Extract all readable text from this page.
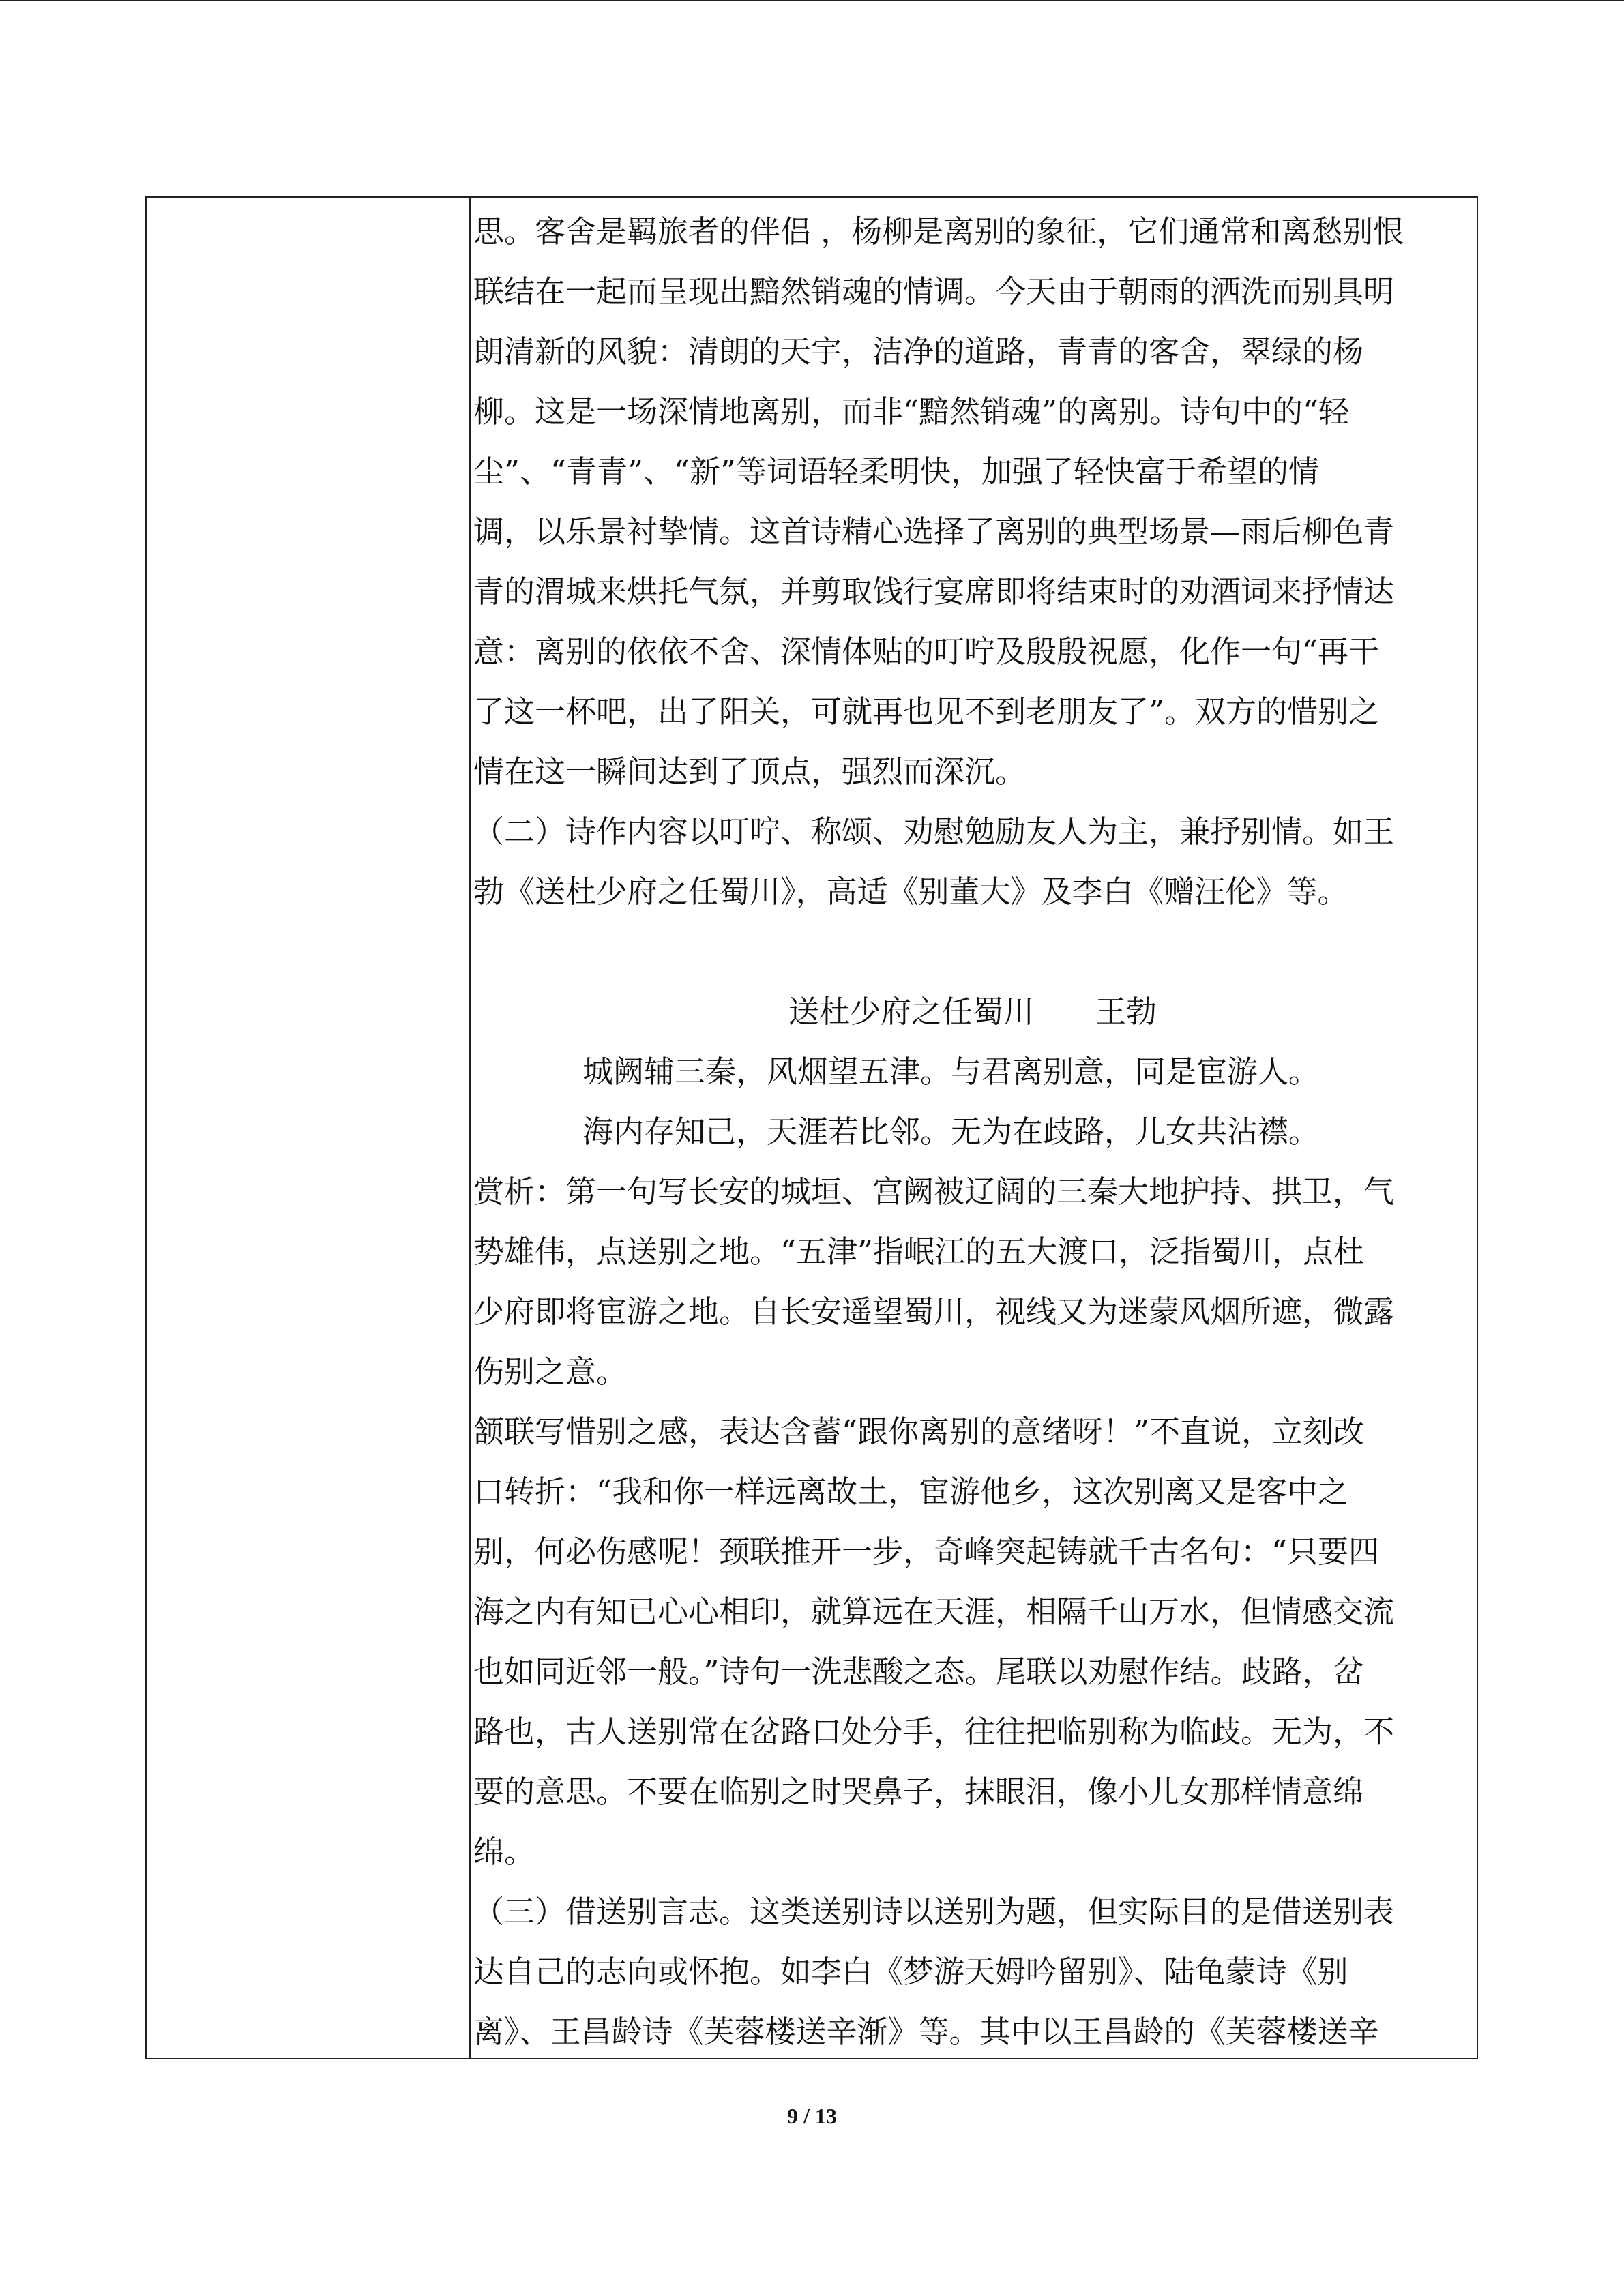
思。客舍是羁旅者的伴侣 ，杨柳是离别的象征，它们通常和离愁别恨
联结在一起而呈现出黯然销魂的情调。今天由于朝雨的洒洗而别具明
朗清新的风貌：清朗的天宇，洁净的道路，青青的客舍，翠绿的杨
柳。这是一场深情地离别，而非“黯然销魂”的离别。诗句中的“轻
尘”、“青青”、“新”等词语轻柔明快，加强了轻快富于希望的情
调，以乐景衬挚情。这首诗精心选择了离别的典型场景—雨后柳色青
青的渭城来烘托气氛，并剪取饯行宴席即将结束时的劝酒词来抒情达
意：离别的依依不舍、深情体贴的叮咛及殷殷祝愿，化作一句“再干
了这一杯吧，出了阳关，可就再也见不到老朋友了”。双方的惜别之
情在这一瞬间达到了顶点，强烈而深沉。
（二）诗作内容以叮咛、称颂、劝慰勉励友人为主，兼抒别情。如王
勃《送杜少府之任蜀川》，高适《别董大》及李白《赠汪伦》等。
送杜少府之任蜀川 王勃
城阙辅三秦，风烟望五津。与君离别意，同是宦游人。
海内存知己，天涯若比邻。无为在歧路，儿女共沾襟。
赏析：第一句写长安的城垣、宫阙被辽阔的三秦大地护持、拱卫，气
势雄伟，点送别之地。“五津”指岷江的五大渡口，泛指蜀川，点杜
少府即将宦游之地。自长安遥望蜀川，视线又为迷蒙风烟所遮，微露
伤别之意。
颔联写惜别之感，表达含蓄“跟你离别的意绪呀！”不直说，立刻改
口转折：“我和你一样远离故土，宦游他乡，这次别离又是客中之
别，何必伤感呢！颈联推开一步，奇峰突起铸就千古名句：“只要四
海之内有知已心心相印，就算远在天涯，相隔千山万水，但情感交流
也如同近邻一般。”诗句一洗悲酸之态。尾联以劝慰作结。歧路，岔
路也，古人送别常在岔路口处分手，往往把临别称为临歧。无为，不
要的意思。不要在临别之时哭鼻子，抹眼泪，像小儿女那样情意绵
绵。
（三）借送别言志。这类送别诗以送别为题，但实际目的是借送别表
达自己的志向或怀抱。如李白《梦游天姆吟留别》、陆龟蒙诗《别
离》、王昌龄诗《芙蓉楼送辛渐》等。其中以王昌龄的《芙蓉楼送辛
9 / 13
